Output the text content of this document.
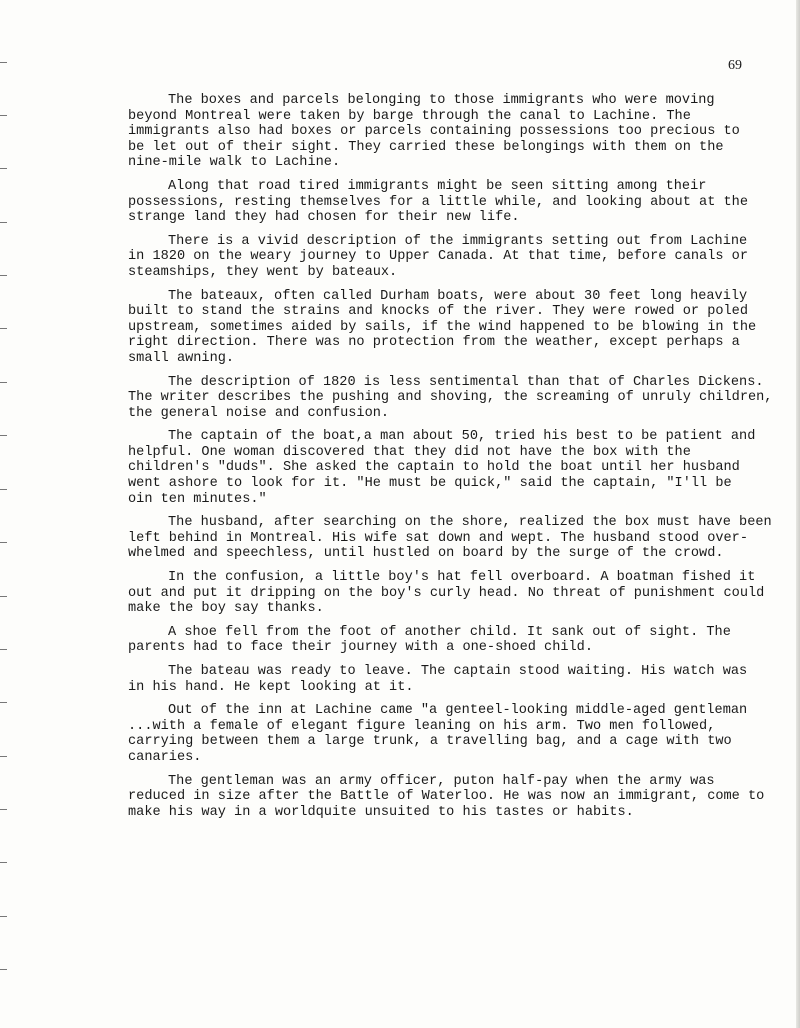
69
The boxes and parcels belonging to those immigrants who were moving
beyond Montreal were taken by barge through the canal to Lachine. The
immigrants also had boxes or parcels containing possessions too precious to
be let out of their sight. They carried these belongings with them on the
nine-mile walk to Lachine.
Along that road tired immigrants might be seen sitting among their
possessions, resting themselves for a little while, and looking about at the
strange land they had chosen for their new life.
There is a vivid description of the immigrants setting out from Lachine
in 1820 on the weary journey to Upper Canada. At that time, before canals or
steamships, they went by bateaux.
The bateaux, often called Durham boats, were about 30 feet long heavily
built to stand the strains and knocks of the river. They were rowed or poled
upstream, sometimes aided by sails, if the wind happened to be blowing in the
right direction. There was no protection from the weather, except perhaps a
small awning.
The description of 1820 is less sentimental than that of Charles Dickens.
The writer describes the pushing and shoving, the screaming of unruly children,
the general noise and confusion.
The captain of the boat,a man about 50, tried his best to be patient and
helpful. One woman discovered that they did not have the box with the
children's "duds". She asked the captain to hold the boat until her husband
went ashore to look for it. "He must be quick," said the captain, "I'll be
oin ten minutes."
The husband, after searching on the shore, realized the box must have been
left behind in Montreal. His wife sat down and wept. The husband stood over-
whelmed and speechless, until hustled on board by the surge of the crowd.
In the confusion, a little boy's hat fell overboard. A boatman fished it
out and put it dripping on the boy's curly head. No threat of punishment could
make the boy say thanks.
A shoe fell from the foot of another child. It sank out of sight. The
parents had to face their journey with a one-shoed child.
The bateau was ready to leave. The captain stood waiting. His watch was
in his hand. He kept looking at it.
Out of the inn at Lachine came "a genteel-looking middle-aged gentleman
...with a female of elegant figure leaning on his arm. Two men followed,
carrying between them a large trunk, a travelling bag, and a cage with two
canaries.
The gentleman was an army officer, puton half-pay when the army was
reduced in size after the Battle of Waterloo. He was now an immigrant, come to
make his way in a worldquite unsuited to his tastes or habits.
